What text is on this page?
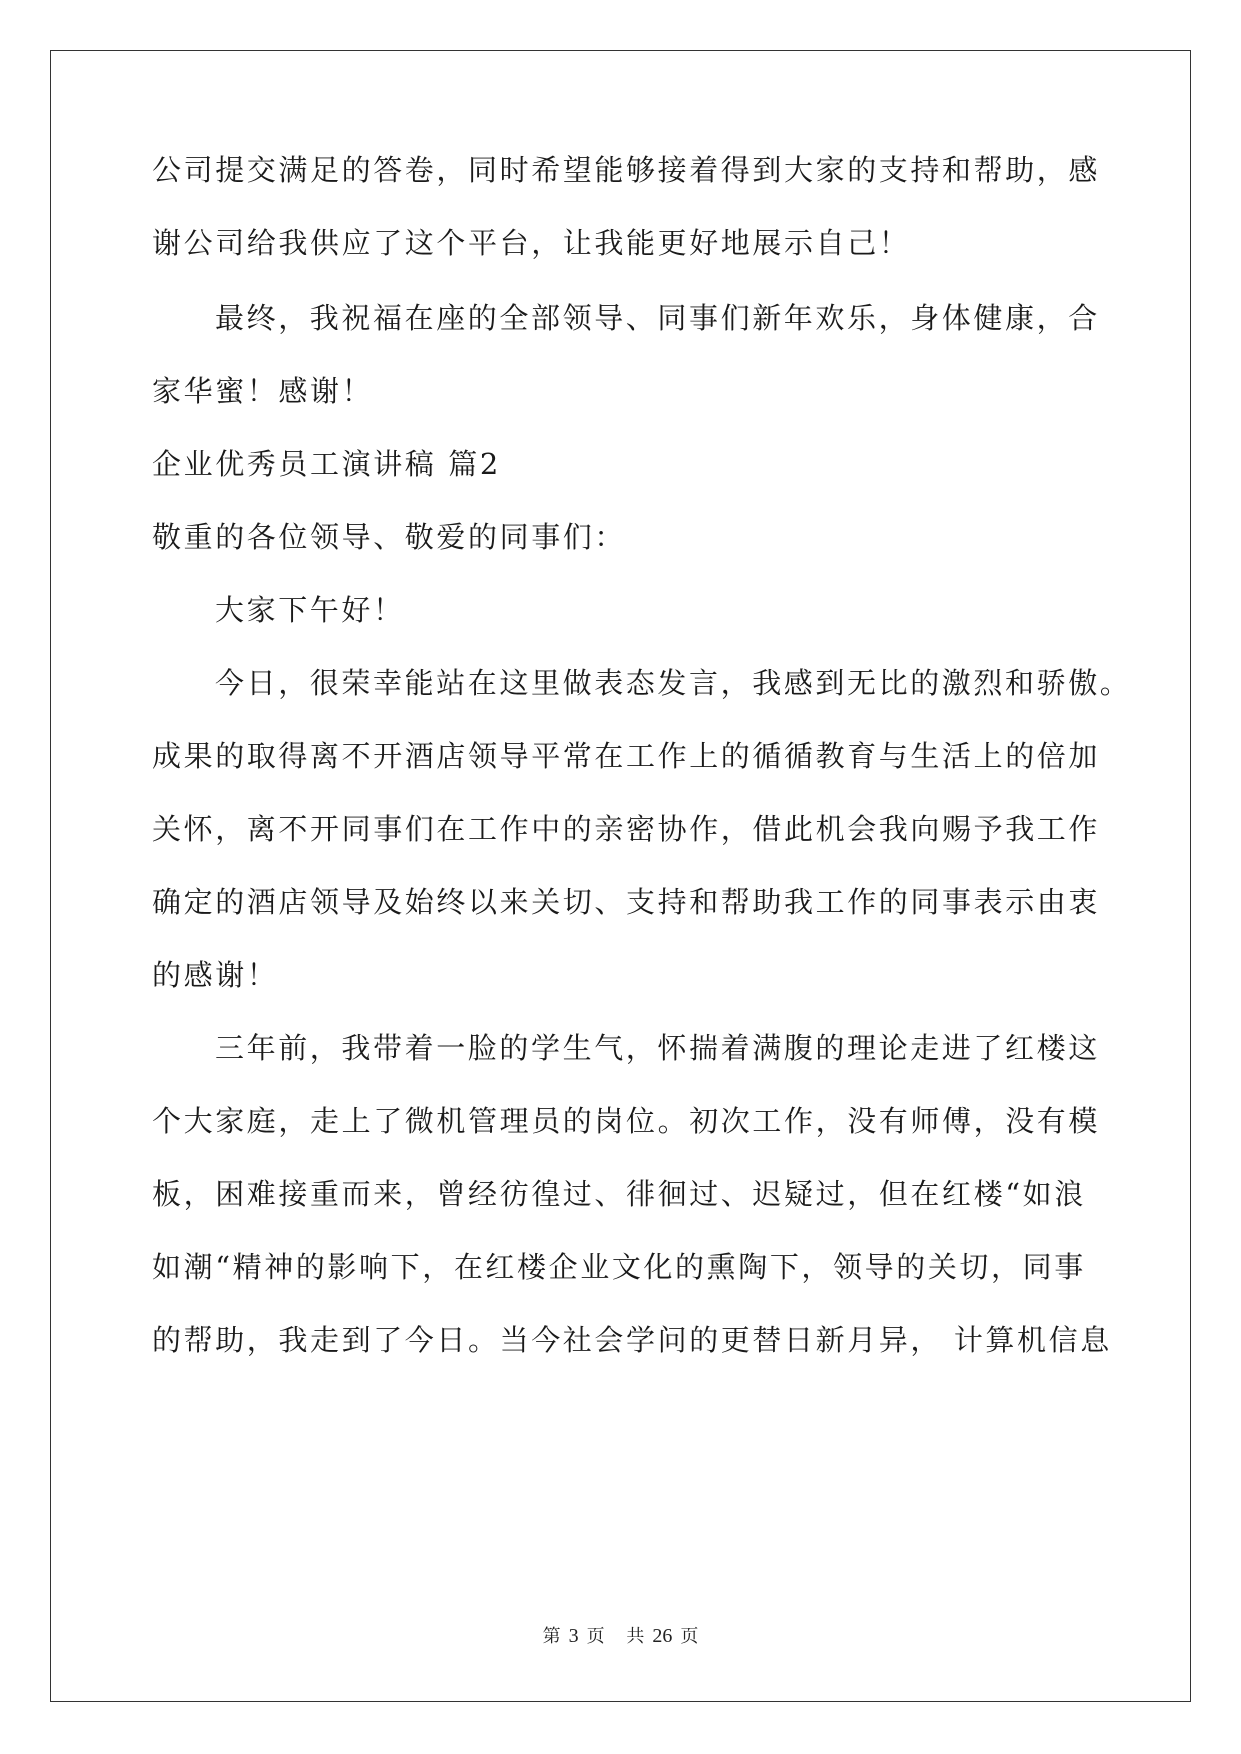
公司提交满足的答卷，同时希望能够接着得到大家的支持和帮助，感
谢公司给我供应了这个平台，让我能更好地展示自己！
最终，我祝福在座的全部领导、同事们新年欢乐，身体健康，合
家华蜜！感谢！
企业优秀员工演讲稿 篇2
敬重的各位领导、敬爱的同事们：
大家下午好！
今日，很荣幸能站在这里做表态发言，我感到无比的激烈和骄傲。
成果的取得离不开酒店领导平常在工作上的循循教育与生活上的倍加
关怀，离不开同事们在工作中的亲密协作，借此机会我向赐予我工作
确定的酒店领导及始终以来关切、支持和帮助我工作的同事表示由衷
的感谢！
三年前，我带着一脸的学生气，怀揣着满腹的理论走进了红楼这
个大家庭，走上了微机管理员的岗位。初次工作，没有师傅，没有模
板，困难接重而来，曾经彷徨过、徘徊过、迟疑过，但在红楼“如浪
如潮“精神的影响下，在红楼企业文化的熏陶下，领导的关切，同事
的帮助，我走到了今日。当今社会学问的更替日新月异， 计算机信息
第 3 页 共 26 页
